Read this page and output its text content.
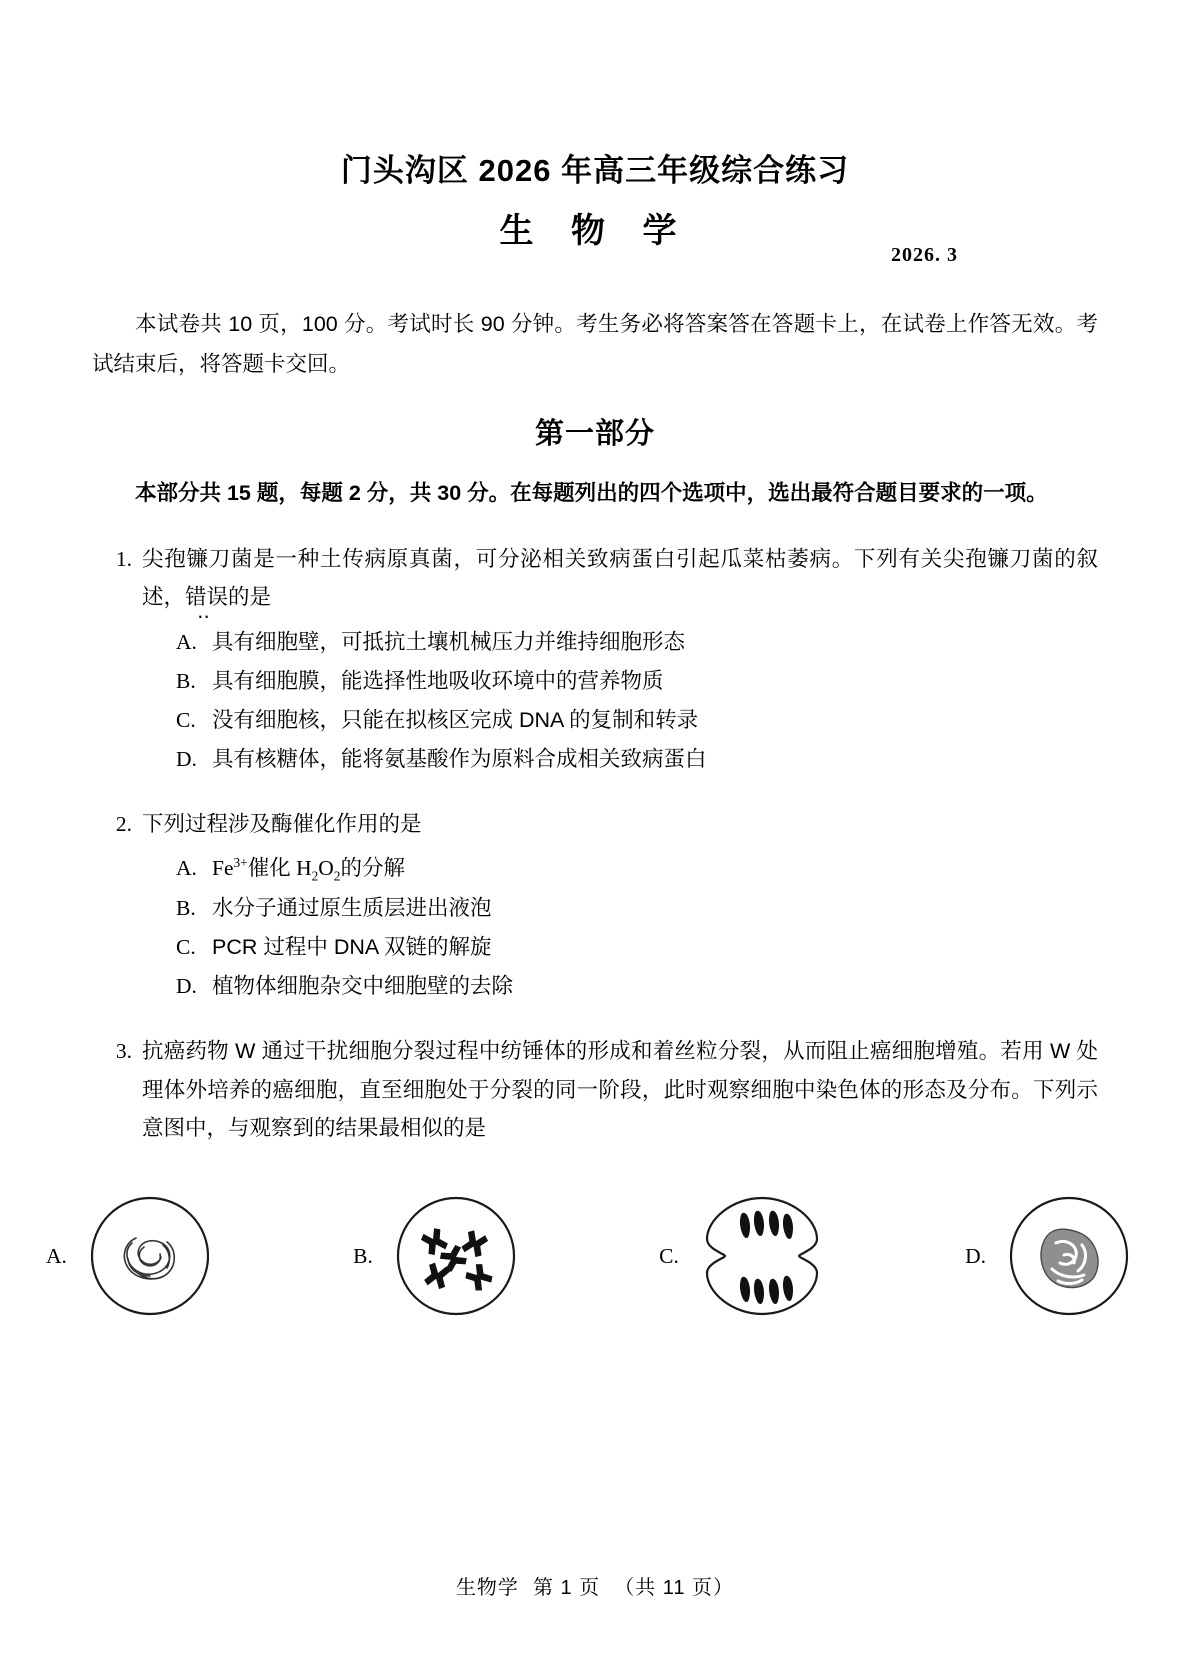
门头沟区 2026 年高三年级综合练习
生 物 学
2026. 3

本试卷共 10 页，100 分。考试时长 90 分钟。考生务必将答案答在答题卡上，在试卷上作答无效。考试结束后，将答题卡交回。

第一部分

本部分共 15 题，每题 2 分，共 30 分。在每题列出的四个选项中，选出最符合题目要求的一项。

1. 尖孢镰刀菌是一种土传病原真菌，可分泌相关致病蛋白引起瓜菜枯萎病。下列有关尖孢镰刀菌的叙述，错误 ‥的是
A. 具有细胞壁，可抵抗土壤机械压力并维持细胞形态
B. 具有细胞膜，能选择性地吸收环境中的营养物质
C. 没有细胞核，只能在拟核区完成 DNA 的复制和转录
D. 具有核糖体，能将氨基酸作为原料合成相关致病蛋白
2. 下列过程涉及酶催化作用的是
A. $Fe^{3+}$催化 $H_2O_2$的分解
B. 水分子通过原生质层进出液泡
C. PCR 过程中 DNA 双链的解旋
D. 植物体细胞杂交中细胞壁的去除
3. 抗癌药物 W 通过干扰细胞分裂过程中纺锤体的形成和着丝粒分裂，从而阻止癌细胞增殖。若用 W 处理体外培养的癌细胞，直至细胞处于分裂的同一阶段，此时观察细胞中染色体的形态及分布。下列示意图中，与观察到的结果最相似的是
A.	B.	C.	D.
生物学 第 1 页 （共 11 页）
